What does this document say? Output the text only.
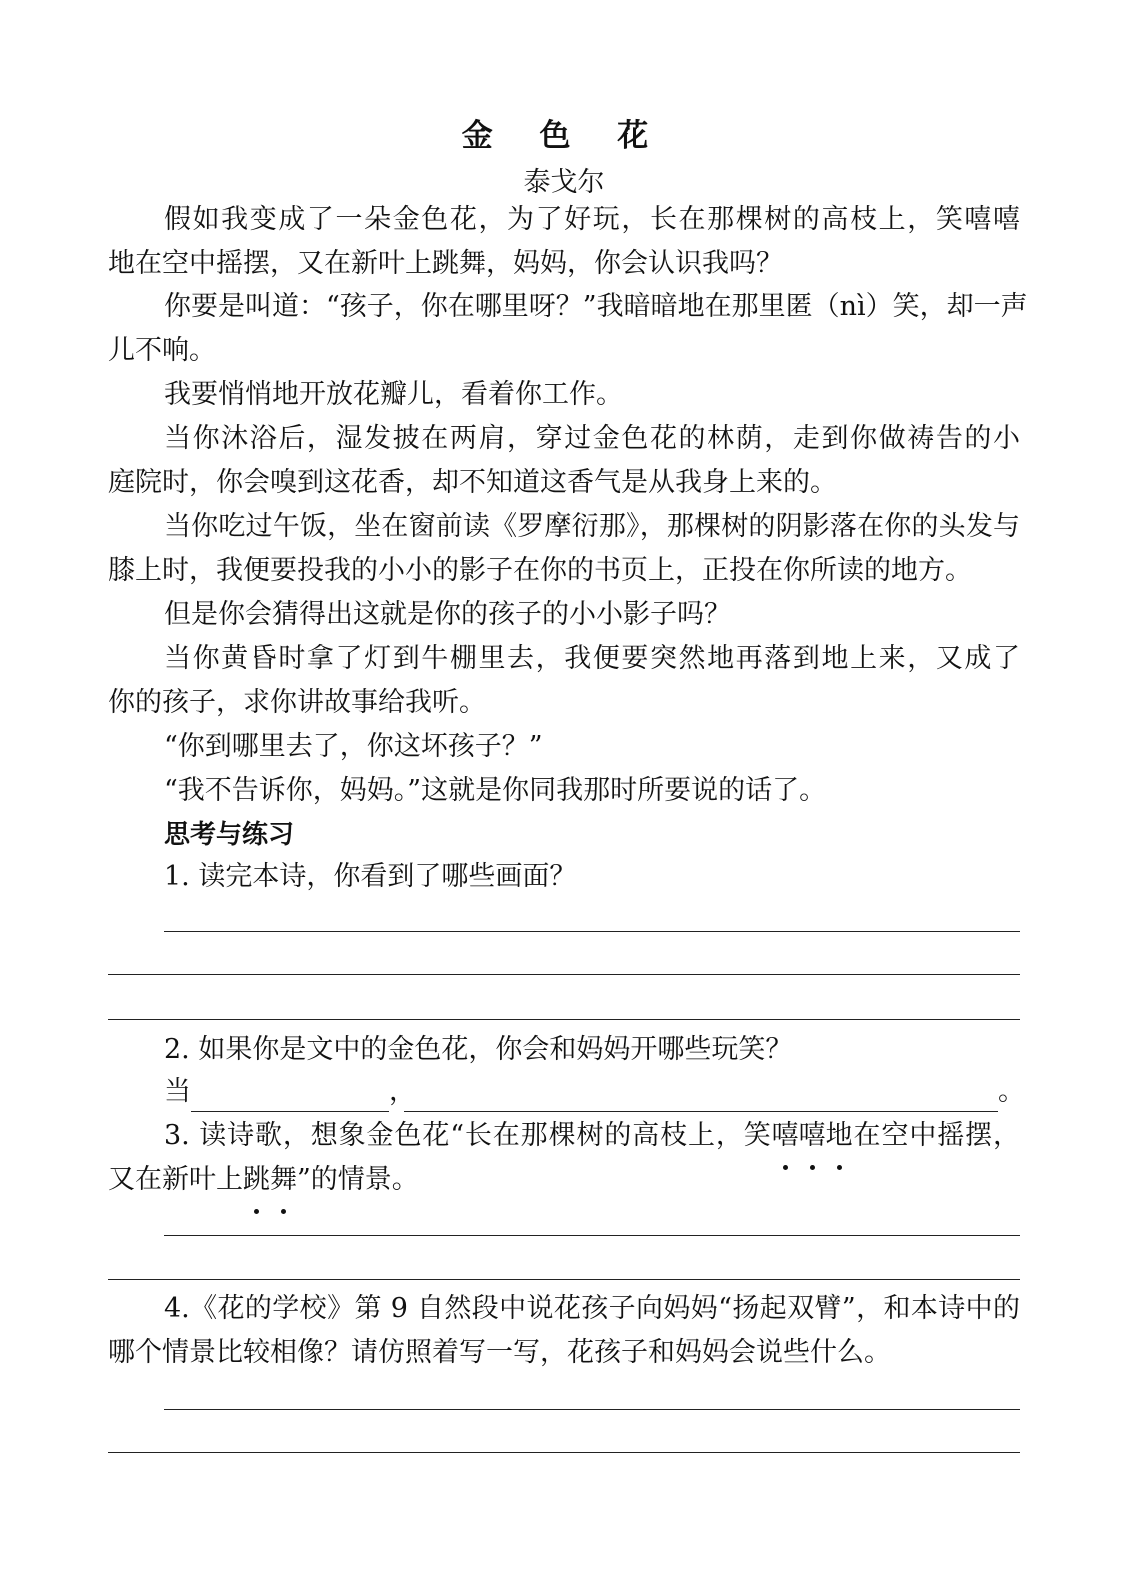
金 色 花
泰戈尔
假如我变成了一朵金色花，为了好玩，长在那棵树的高枝上，笑嘻嘻
地在空中摇摆，又在新叶上跳舞，妈妈，你会认识我吗？
你要是叫道：“孩子，你在哪里呀？”我暗暗地在那里匿（nì）笑，却一声
儿不响。
我要悄悄地开放花瓣儿，看着你工作。
当你沐浴后，湿发披在两肩，穿过金色花的林荫，走到你做祷告的小
庭院时，你会嗅到这花香，却不知道这香气是从我身上来的。
当你吃过午饭，坐在窗前读《罗摩衍那》，那棵树的阴影落在你的头发与
膝上时，我便要投我的小小的影子在你的书页上，正投在你所读的地方。
但是你会猜得出这就是你的孩子的小小影子吗？
当你黄昏时拿了灯到牛棚里去，我便要突然地再落到地上来，又成了
你的孩子，求你讲故事给我听。
“你到哪里去了，你这坏孩子？”
“我不告诉你，妈妈。”这就是你同我那时所要说的话了。
思考与练习
1. 读完本诗，你看到了哪些画面？
2. 如果你是文中的金色花，你会和妈妈开哪些玩笑？
当	，	。
3. 读诗歌，想象金色花“长在那棵树的高枝上，笑嘻嘻地在空中摇摆，
又在新叶上跳舞”的情景。
4.《花的学校》第 9 自然段中说花孩子向妈妈“扬起双臂”，和本诗中的
哪个情景比较相像？请仿照着写一写，花孩子和妈妈会说些什么。
